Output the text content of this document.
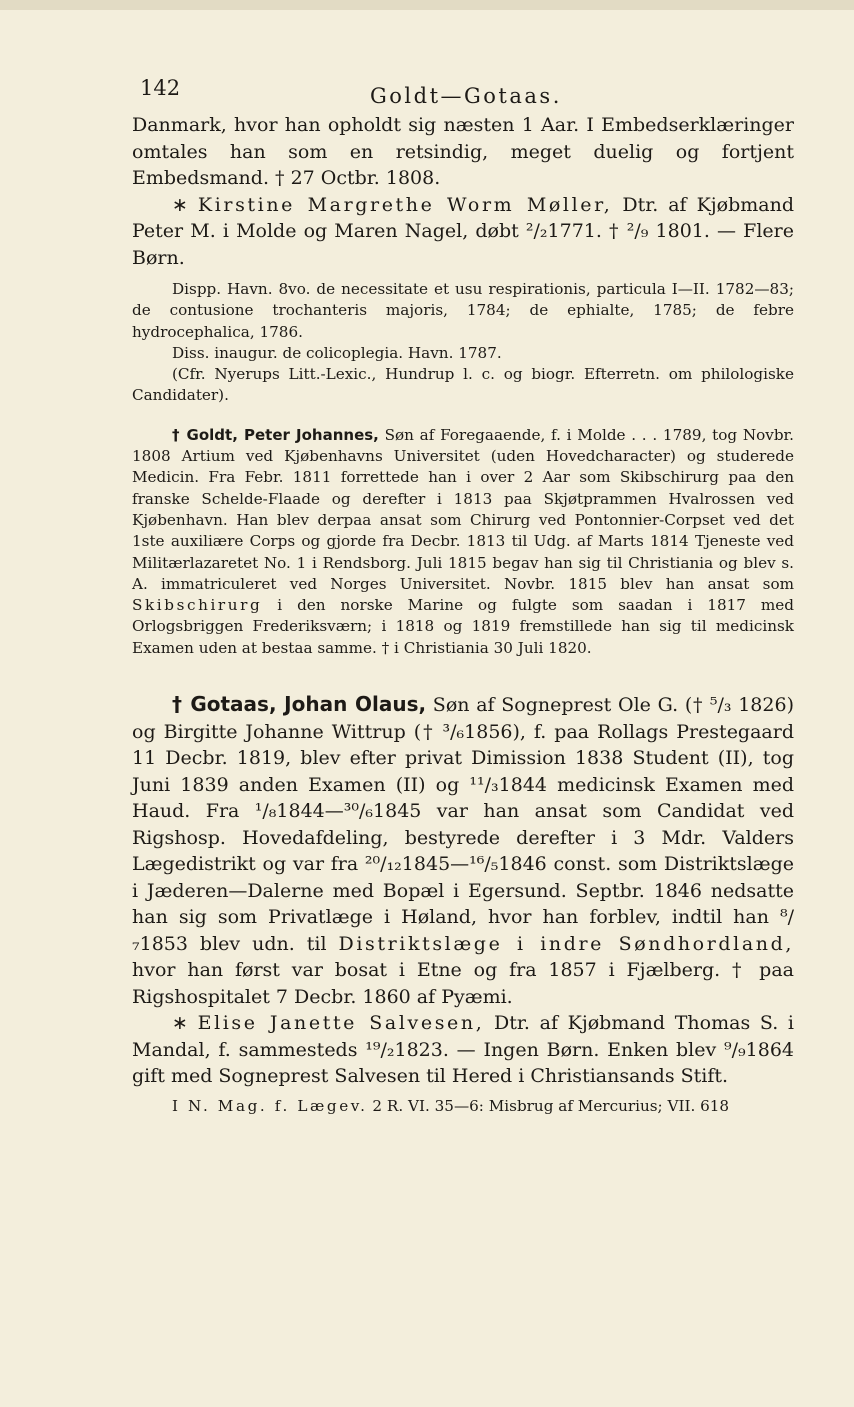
142	Goldt—Gotaas.

Danmark, hvor han opholdt sig næsten 1 Aar. I Embedserklæringer omtales han som en retsindig, meget duelig og fortjent Embedsmand. † 27 Octbr. 1808.

∗ Kirstine Margrethe Worm Møller, Dtr. af Kjøbmand Peter M. i Molde og Maren Nagel, døbt ²/₂1771. † ²/₉ 1801. — Flere Børn.

Dispp. Havn. 8vo. de necessitate et usu respirationis, particula I—II. 1782—83; de contusione trochanteris majoris, 1784; de ephialte, 1785; de febre hydrocephalica, 1786.

Diss. inaugur. de colicoplegia. Havn. 1787.

(Cfr. Nyerups Litt.-Lexic., Hundrup l. c. og biogr. Efterretn. om philologiske Candidater).

† Goldt, Peter Johannes, Søn af Foregaaende, f. i Molde . . . 1789, tog Novbr. 1808 Artium ved Kjøbenhavns Universitet (uden Hovedcharacter) og studerede Medicin. Fra Febr. 1811 forrettede han i over 2 Aar som Skibschirurg paa den franske Schelde-Flaade og derefter i 1813 paa Skjøtprammen Hvalrossen ved Kjøbenhavn. Han blev derpaa ansat som Chirurg ved Pontonnier-Corpset ved det 1ste auxiliære Corps og gjorde fra Decbr. 1813 til Udg. af Marts 1814 Tjeneste ved Militærlazaretet No. 1 i Rendsborg. Juli 1815 begav han sig til Christiania og blev s. A. immatriculeret ved Norges Universitet. Novbr. 1815 blev han ansat som Skibschirurg i den norske Marine og fulgte som saadan i 1817 med Orlogsbriggen Frederiksværn; i 1818 og 1819 fremstillede han sig til medicinsk Examen uden at bestaa samme. † i Christiania 30 Juli 1820.

† Gotaas, Johan Olaus, Søn af Sogneprest Ole G. († ⁵/₃ 1826) og Birgitte Johanne Wittrup († ³/₆1856), f. paa Rollags Prestegaard 11 Decbr. 1819, blev efter privat Dimission 1838 Student (II), tog Juni 1839 anden Examen (II) og ¹¹/₃1844 medicinsk Examen med Haud. Fra ¹/₈1844—³⁰/₆1845 var han ansat som Candidat ved Rigshosp. Hovedafdeling, bestyrede derefter i 3 Mdr. Valders Lægedistrikt og var fra ²⁰/₁₂1845—¹⁶/₅1846 const. som Distriktslæge i Jæderen—Dalerne med Bopæl i Egersund. Septbr. 1846 nedsatte han sig som Privatlæge i Høland, hvor han forblev, indtil han ⁸/₇1853 blev udn. til Distriktslæge i indre Søndhordland, hvor han først var bosat i Etne og fra 1857 i Fjælberg. † paa Rigshospitalet 7 Decbr. 1860 af Pyæmi.

∗ Elise Janette Salvesen, Dtr. af Kjøbmand Thomas S. i Mandal, f. sammesteds ¹⁹/₂1823. — Ingen Børn. Enken blev ⁹/₉1864 gift med Sogneprest Salvesen til Hered i Christiansands Stift.

I N. Mag. f. Lægev. 2 R. VI. 35—6: Misbrug af Mercurius; VII. 618
